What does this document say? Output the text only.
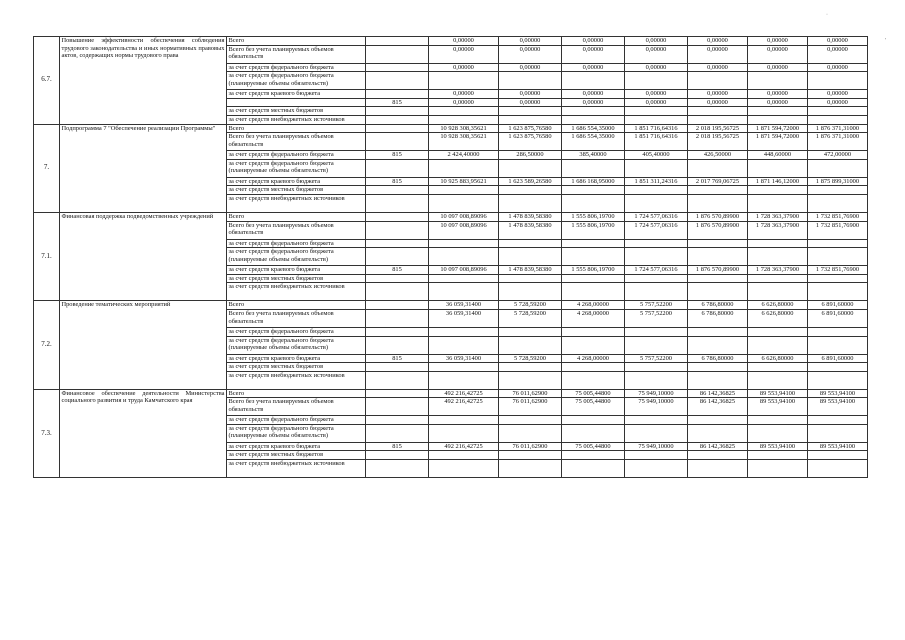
6.7.	Повышение эффективности обеспечения соблюдения трудового законодательства и иных нормативных правовых актов, содержащих нормы трудового права	Всего		0,00000	0,00000	0,00000	0,00000	0,00000	0,00000	0,00000
		Всего без учета планируемых объемов обязательств		0,00000	0,00000	0,00000	0,00000	0,00000	0,00000	0,00000
		за счет средств федерального бюджета		0,00000	0,00000	0,00000	0,00000	0,00000	0,00000	0,00000
		за счет средств федерального бюджета (планируемые объемы обязательств)								
		за счет средств краевого бюджета		0,00000	0,00000	0,00000	0,00000	0,00000	0,00000	0,00000
			815	0,00000	0,00000	0,00000	0,00000	0,00000	0,00000	0,00000
		за счет средств местных бюджетов								
		за счет средств внебюджетных источников								
7.	Подпрограмма 7 "Обеспечение реализации Программы"	Всего		10 928 308,35621	1 623 875,76580	1 686 554,35000	1 851 716,64316	2 018 195,56725	1 871 594,72000	1 876 371,31000
		Всего без учета планируемых объемов обязательств		10 928 308,35621	1 623 875,76580	1 686 554,35000	1 851 716,64316	2 018 195,56725	1 871 594,72000	1 876 371,31000
		за счет средств федерального бюджета	815	2 424,40000	286,50000	385,40000	405,40000	426,50000	448,60000	472,00000
		за счет средств федерального бюджета (планируемые объемы обязательств)								
		за счет средств краевого бюджета	815	10 925 883,95621	1 623 589,26580	1 686 168,95000	1 851 311,24316	2 017 769,06725	1 871 146,12000	1 875 899,31000
		за счет средств местных бюджетов								
		за счет средств внебюджетных источников								
7.1.	Финансовая поддержка подведомственных учреждений	Всего		10 097 008,89096	1 478 839,58380	1 555 806,19700	1 724 577,06316	1 876 570,89900	1 728 363,37900	1 732 851,76900
		Всего без учета планируемых объемов обязательств		10 097 008,89096	1 478 839,58380	1 555 806,19700	1 724 577,06316	1 876 570,89900	1 728 363,37900	1 732 851,76900
		за счет средств федерального бюджета								
		за счет средств федерального бюджета (планируемые объемы обязательств)								
		за счет средств краевого бюджета	815	10 097 008,89096	1 478 839,58380	1 555 806,19700	1 724 577,06316	1 876 570,89900	1 728 363,37900	1 732 851,76900
		за счет средств местных бюджетов								
		за счет средств внебюджетных источников								
7.2.	Проведение тематических мероприятий	Всего		36 059,31400	5 728,59200	4 268,00000	5 757,52200	6 786,80000	6 626,80000	6 891,60000
		Всего без учета планируемых объемов обязательств		36 059,31400	5 728,59200	4 268,00000	5 757,52200	6 786,80000	6 626,80000	6 891,60000
		за счет средств федерального бюджета								
		за счет средств федерального бюджета (планируемые объемы обязательств)								
		за счет средств краевого бюджета	815	36 059,31400	5 728,59200	4 268,00000	5 757,52200	6 786,80000	6 626,80000	6 891,60000
		за счет средств местных бюджетов								
		за счет средств внебюджетных источников								
7.3.	Финансовое обеспечение деятельности Министерства социального развития и труда Камчатского края	Всего		492 216,42725	76 011,62900	75 005,44800	75 949,10000	86 142,36825	89 553,94100	89 553,94100
		Всего без учета планируемых объемов обязательств		492 216,42725	76 011,62900	75 005,44800	75 949,10000	86 142,36825	89 553,94100	89 553,94100
		за счет средств федерального бюджета								
		за счет средств федерального бюджета (планируемые объемы обязательств)								
		за счет средств краевого бюджета	815	492 216,42725	76 011,62900	75 005,44800	75 949,10000	86 142,36825	89 553,94100	89 553,94100
		за счет средств местных бюджетов								
		за счет средств внебюджетных источников								
·
'
